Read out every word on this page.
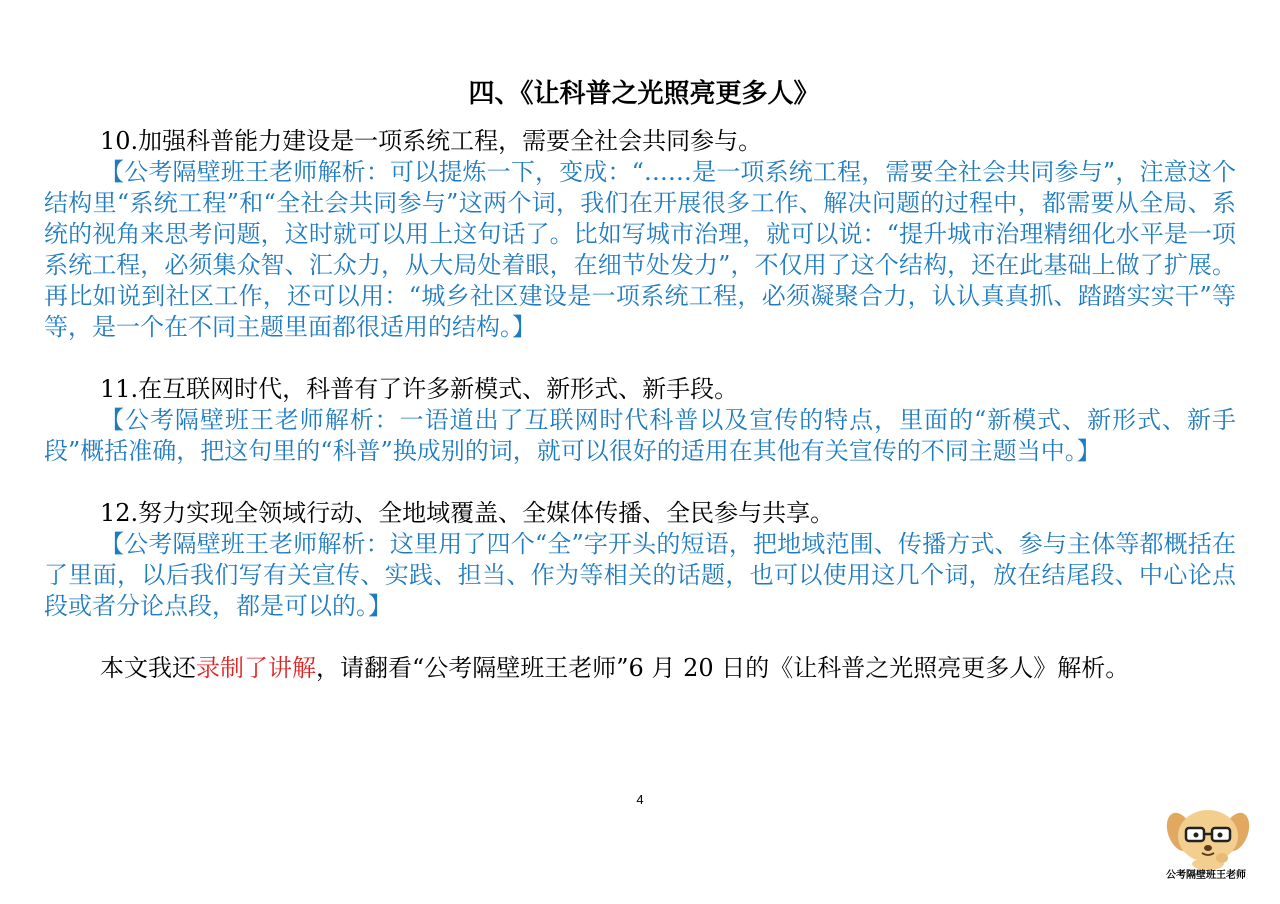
四、《让科普之光照亮更多人》

10.加强科普能力建设是一项系统工程，需要全社会共同参与。

【公考隔壁班王老师解析：可以提炼一下，变成：“……是一项系统工程，需要全社会共同参与”，注意这个结构里“系统工程”和“全社会共同参与”这两个词，我们在开展很多工作、解决问题的过程中，都需要从全局、系统的视角来思考问题，这时就可以用上这句话了。比如写城市治理，就可以说：“提升城市治理精细化水平是一项系统工程，必须集众智、汇众力，从大局处着眼，在细节处发力”，不仅用了这个结构，还在此基础上做了扩展。再比如说到社区工作，还可以用：“城乡社区建设是一项系统工程，必须凝聚合力，认认真真抓、踏踏实实干”等等，是一个在不同主题里面都很适用的结构。】

11.在互联网时代，科普有了许多新模式、新形式、新手段。

【公考隔壁班王老师解析：一语道出了互联网时代科普以及宣传的特点，里面的“新模式、新形式、新手段”概括准确，把这句里的“科普”换成别的词，就可以很好的适用在其他有关宣传的不同主题当中。】

12.努力实现全领域行动、全地域覆盖、全媒体传播、全民参与共享。

【公考隔壁班王老师解析：这里用了四个“全”字开头的短语，把地域范围、传播方式、参与主体等都概括在了里面，以后我们写有关宣传、实践、担当、作为等相关的话题，也可以使用这几个词，放在结尾段、中心论点段或者分论点段，都是可以的。】

本文我还录制了讲解，请翻看“公考隔壁班王老师”6 月 20 日的《让科普之光照亮更多人》解析。

4
公考隔壁班王老师
